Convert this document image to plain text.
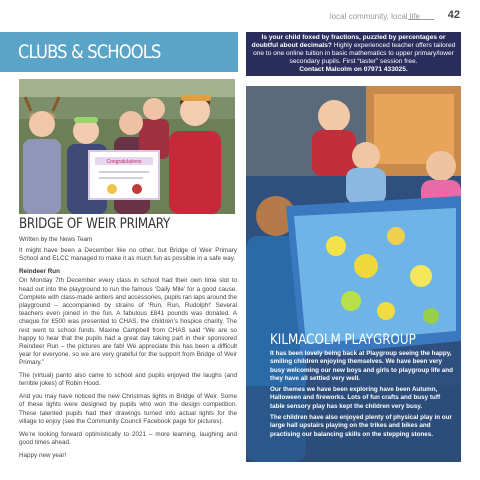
local community, local life	42
CLUBS & SCHOOLS
Is your child foxed by fractions, puzzled by percentages or doubtful about decimals? Highly experienced teacher offers tailored one to one online tuition in basic mathematics to upper primary/lower secondary pupils. First “taster” session free.
Contact Malcolm on 07971 433025.
Congratulations
BRIDGE OF WEIR PRIMARY

Written by the News Team

It might have been a December like no other, but Bridge of Weir Primary School and ELCC managed to make it as much fun as possible in a safe way.

Reindeer Run

On Monday 7th December every class in school had their own time slot to head out into the playground to run the famous ‘Daily Mile’ for a good cause. Complete with class-made antlers and accessories, pupils ran laps around the playground – accompanied by strains of ‘Run, Run, Rudolph!’ Several teachers even joined in the fun. A fabulous £841 pounds was donated. A cheque for £500 was presented to CHAS, the children’s hospice charity. The rest went to school funds. Maxine Campbell from CHAS said “We are so happy to hear that the pupils had a great day taking part in their sponsored Reindeer Run – the pictures are fab! We appreciate this has been a difficult year for everyone, so we are very grateful for the support from Bridge of Weir Primary.”

The (virtual) panto also came to school and pupils enjoyed the laughs (and terrible jokes) of Robin Hood.

And you may have noticed the new Christmas lights in Bridge of Weir. Some of these lights were designed by pupils who won the design competition. These talented pupils had their drawings turned into actual lights for the village to enjoy (see the Community Council Facebook page for pictures).

We’re looking forward optimistically to 2021 – more learning, laughing and good times ahead.

Happy new year!

KILMACOLM PLAYGROUP

It has been lovely being back at Playgroup seeing the happy, smiling children enjoying themselves. We have been very busy welcoming our new boys and girls to playgroup life and they have all settled very well.

Our themes we have been exploring have been Autumn, Halloween and fireworks. Lots of fun crafts and busy tuff table sensory play has kept the children very busy.

The children have also enjoyed plenty of physical play in our large hall upstairs playing on the trikes and bikes and practising our balancing skills on the stepping stones.
